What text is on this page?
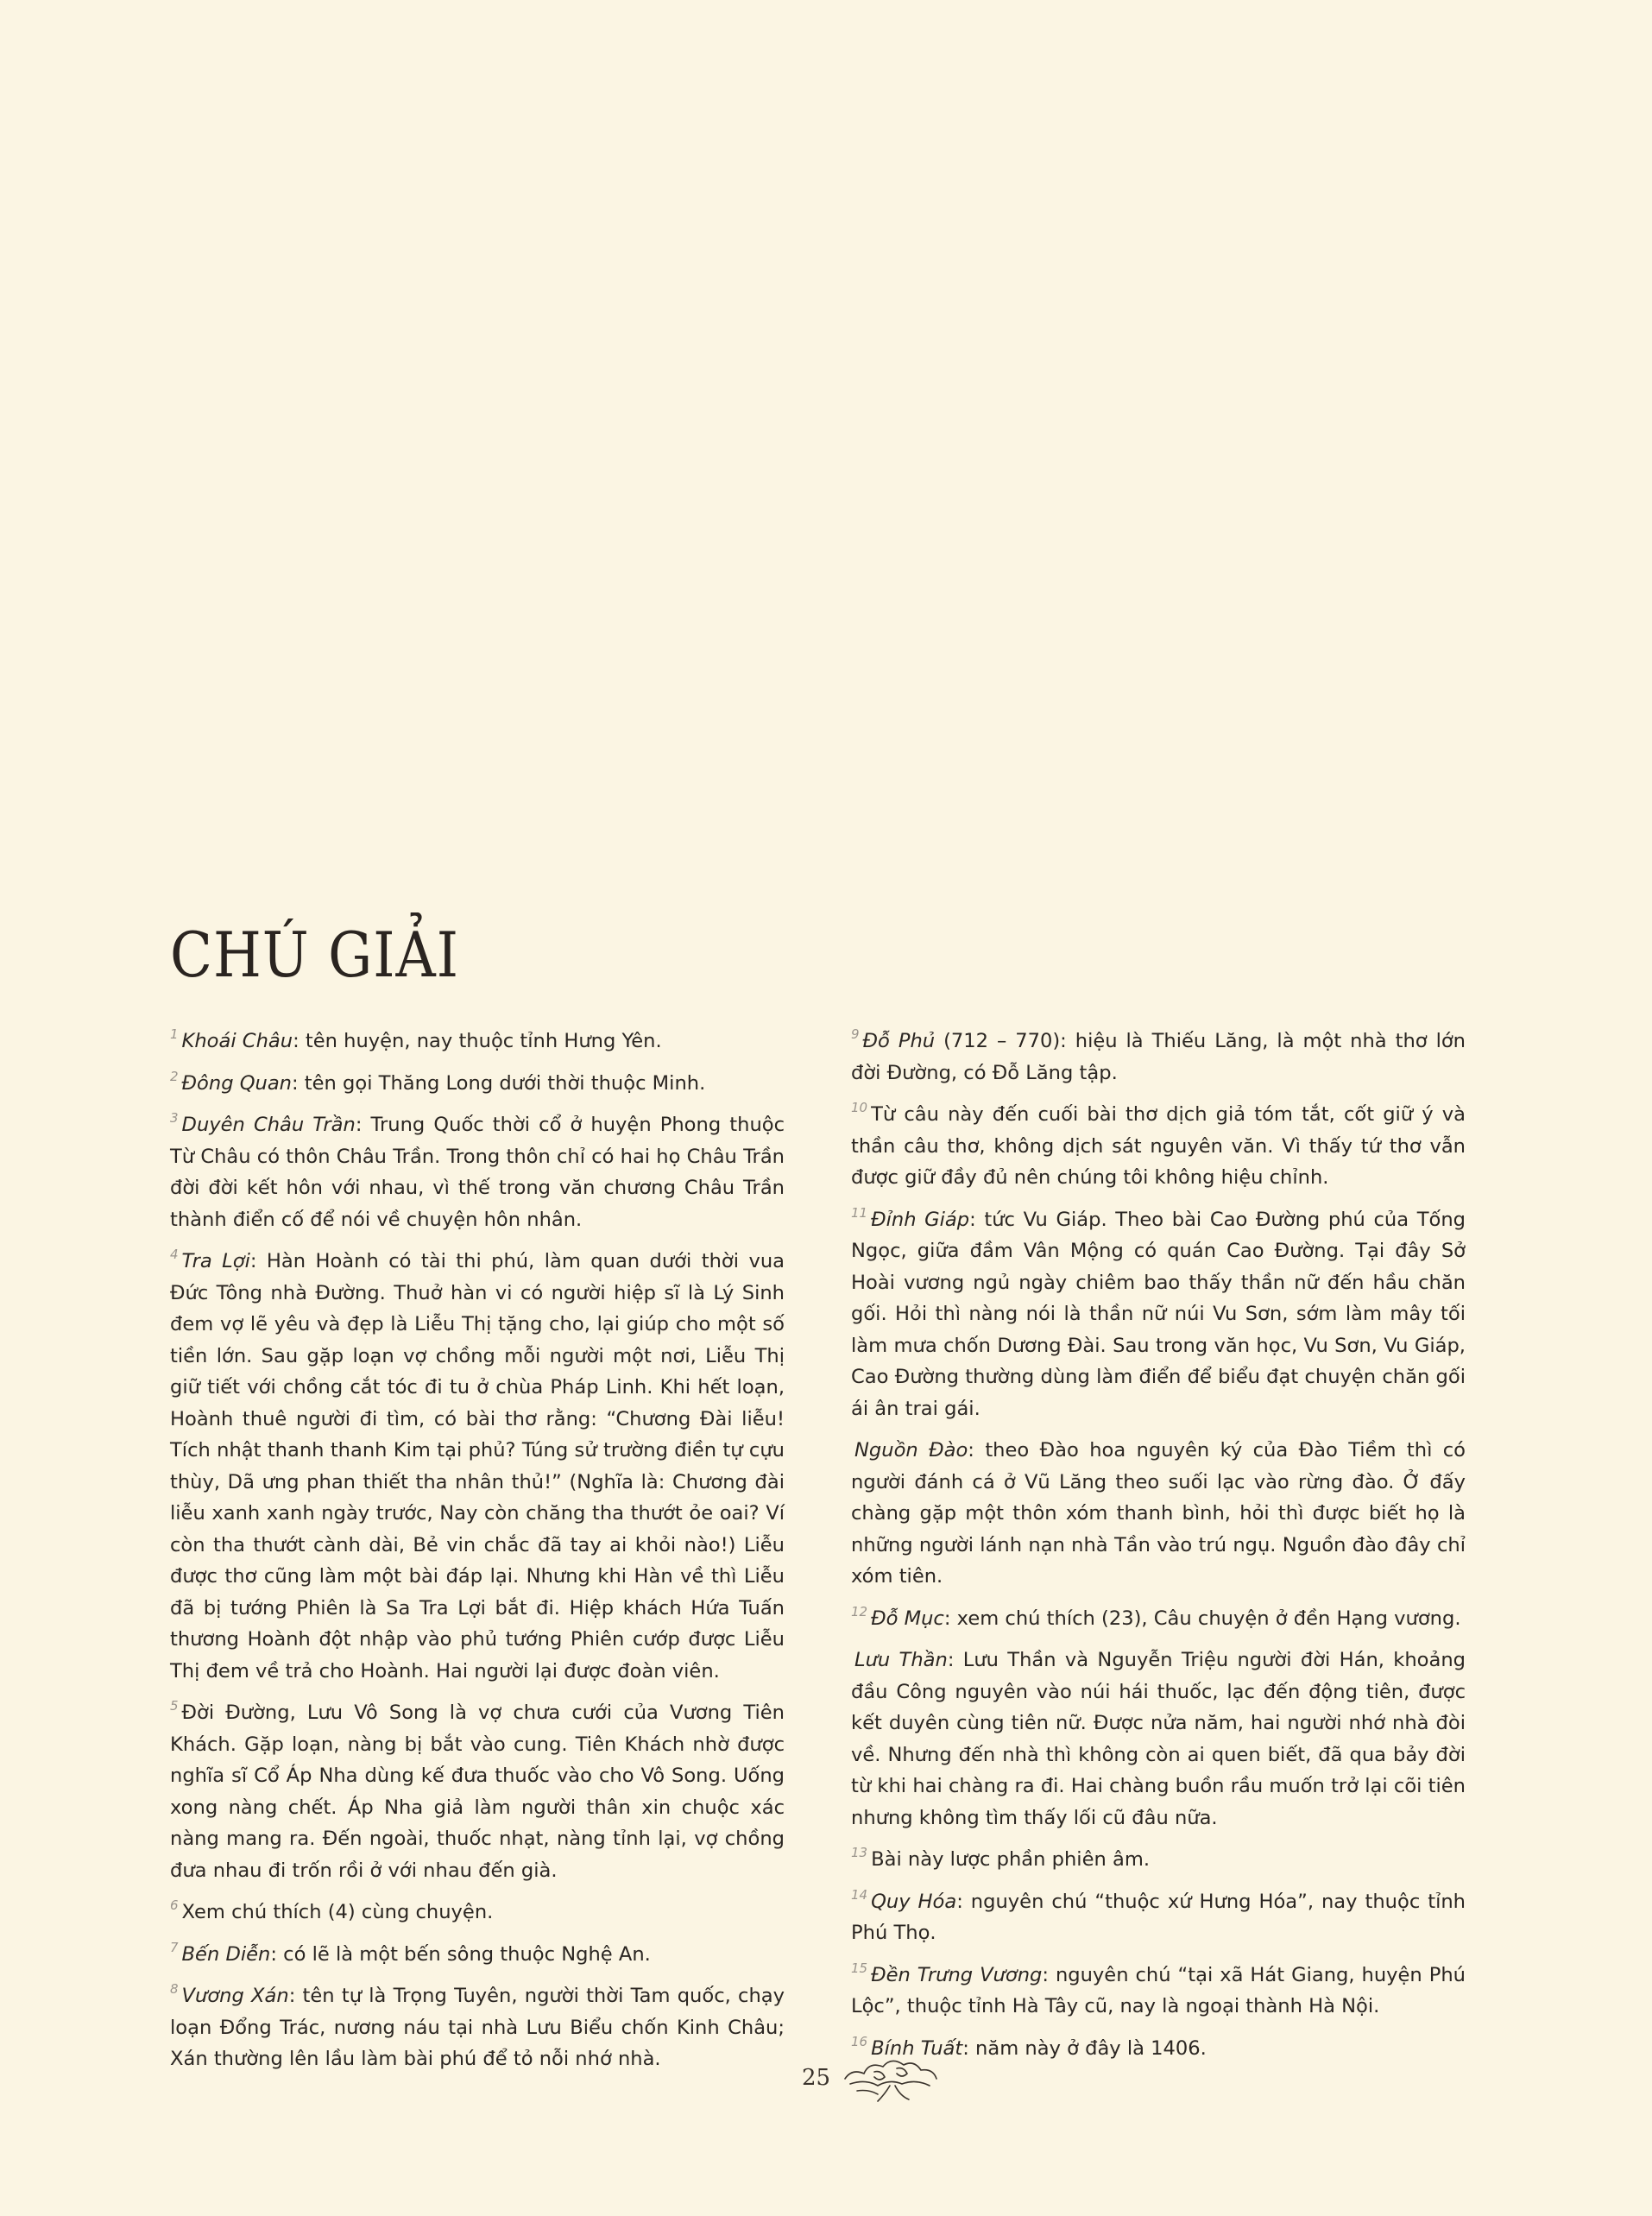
CHÚ GIẢI

$^1$ Khoái Châu: tên huyện, nay thuộc tỉnh Hưng Yên.

$^2$ Đông Quan: tên gọi Thăng Long dưới thời thuộc Minh.

$^3$ Duyên Châu Trần: Trung Quốc thời cổ ở huyện Phong thuộc Từ Châu có thôn Châu Trần. Trong thôn chỉ có hai họ Châu Trần đời đời kết hôn với nhau, vì thế trong văn chương Châu Trần thành điển cố để nói về chuyện hôn nhân.

$^4$ Tra Lợi: Hàn Hoành có tài thi phú, làm quan dưới thời vua Đức Tông nhà Đường. Thuở hàn vi có người hiệp sĩ là Lý Sinh đem vợ lẽ yêu và đẹp là Liễu Thị tặng cho, lại giúp cho một số tiền lớn. Sau gặp loạn vợ chồng mỗi người một nơi, Liễu Thị giữ tiết với chồng cắt tóc đi tu ở chùa Pháp Linh. Khi hết loạn, Hoành thuê người đi tìm, có bài thơ rằng: “Chương Đài liễu! Tích nhật thanh thanh Kim tại phủ? Túng sử trường điền tự cựu thùy, Dã ưng phan thiết tha nhân thủ!” (Nghĩa là: Chương đài liễu xanh xanh ngày trước, Nay còn chăng tha thướt ỏe oai? Ví còn tha thướt cành dài, Bẻ vin chắc đã tay ai khỏi nào!) Liễu được thơ cũng làm một bài đáp lại. Nhưng khi Hàn về thì Liễu đã bị tướng Phiên là Sa Tra Lợi bắt đi. Hiệp khách Hứa Tuấn thương Hoành đột nhập vào phủ tướng Phiên cướp được Liễu Thị đem về trả cho Hoành. Hai người lại được đoàn viên.

$^5$ Đời Đường, Lưu Vô Song là vợ chưa cưới của Vương Tiên Khách. Gặp loạn, nàng bị bắt vào cung. Tiên Khách nhờ được nghĩa sĩ Cổ Áp Nha dùng kế đưa thuốc vào cho Vô Song. Uống xong nàng chết. Áp Nha giả làm người thân xin chuộc xác nàng mang ra. Đến ngoài, thuốc nhạt, nàng tỉnh lại, vợ chồng đưa nhau đi trốn rồi ở với nhau đến già.

$^6$ Xem chú thích (4) cùng chuyện.

$^7$ Bến Diễn: có lẽ là một bến sông thuộc Nghệ An.

$^8$ Vương Xán: tên tự là Trọng Tuyên, người thời Tam quốc, chạy loạn Đổng Trác, nương náu tại nhà Lưu Biểu chốn Kinh Châu; Xán thường lên lầu làm bài phú để tỏ nỗi nhớ nhà.

$^9$ Đỗ Phủ (712 – 770): hiệu là Thiếu Lăng, là một nhà thơ lớn đời Đường, có Đỗ Lăng tập.

$^{10}$ Từ câu này đến cuối bài thơ dịch giả tóm tắt, cốt giữ ý và thần câu thơ, không dịch sát nguyên văn. Vì thấy tứ thơ vẫn được giữ đầy đủ nên chúng tôi không hiệu chỉnh.

$^{11}$ Đỉnh Giáp: tức Vu Giáp. Theo bài Cao Đường phú của Tống Ngọc, giữa đầm Vân Mộng có quán Cao Đường. Tại đây Sở Hoài vương ngủ ngày chiêm bao thấy thần nữ đến hầu chăn gối. Hỏi thì nàng nói là thần nữ núi Vu Sơn, sớm làm mây tối làm mưa chốn Dương Đài. Sau trong văn học, Vu Sơn, Vu Giáp, Cao Đường thường dùng làm điển để biểu đạt chuyện chăn gối ái ân trai gái.

Nguồn Đào: theo Đào hoa nguyên ký của Đào Tiềm thì có người đánh cá ở Vũ Lăng theo suối lạc vào rừng đào. Ở đấy chàng gặp một thôn xóm thanh bình, hỏi thì được biết họ là những người lánh nạn nhà Tần vào trú ngụ. Nguồn đào đây chỉ xóm tiên.

$^{12}$ Đỗ Mục: xem chú thích (23), Câu chuyện ở đền Hạng vương.

Lưu Thần: Lưu Thần và Nguyễn Triệu người đời Hán, khoảng đầu Công nguyên vào núi hái thuốc, lạc đến động tiên, được kết duyên cùng tiên nữ. Được nửa năm, hai người nhớ nhà đòi về. Nhưng đến nhà thì không còn ai quen biết, đã qua bảy đời từ khi hai chàng ra đi. Hai chàng buồn rầu muốn trở lại cõi tiên nhưng không tìm thấy lối cũ đâu nữa.

$^{13}$ Bài này lược phần phiên âm.

$^{14}$ Quy Hóa: nguyên chú “thuộc xứ Hưng Hóa”, nay thuộc tỉnh Phú Thọ.

$^{15}$ Đền Trưng Vương: nguyên chú “tại xã Hát Giang, huyện Phú Lộc”, thuộc tỉnh Hà Tây cũ, nay là ngoại thành Hà Nội.

$^{16}$ Bính Tuất: năm này ở đây là 1406.

25
